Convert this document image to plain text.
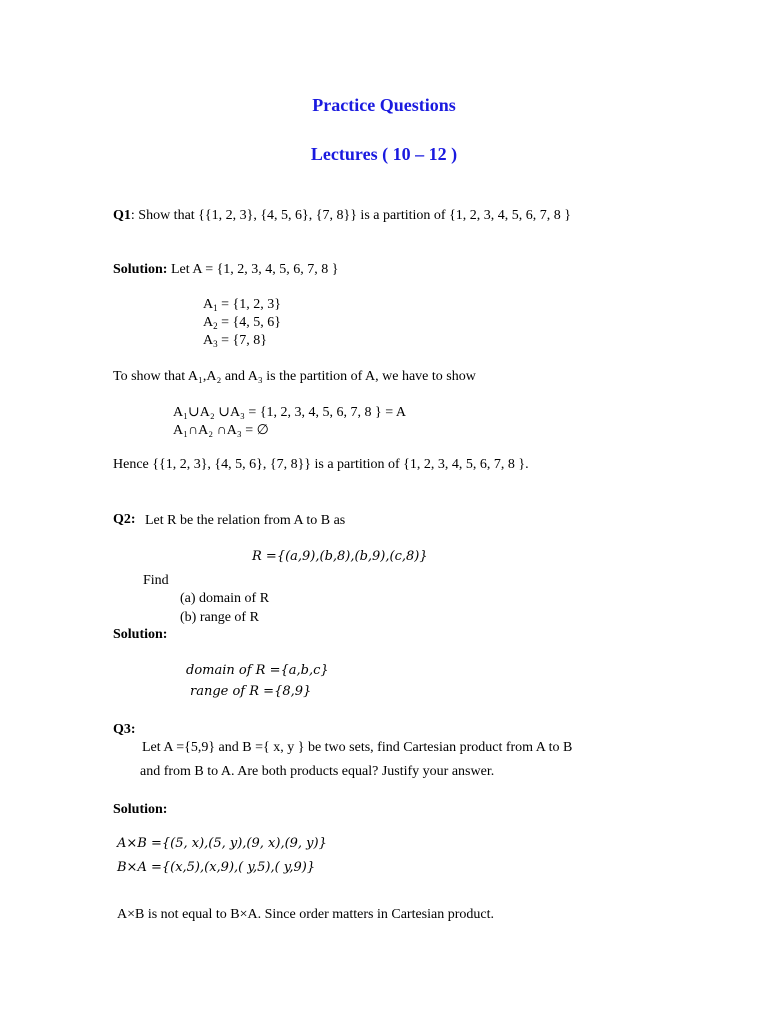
Practice Questions
Lectures ( 10 – 12 )
Q1: Show that {{1, 2, 3}, {4, 5, 6}, {7, 8}} is a partition of {1, 2, 3, 4, 5, 6, 7, 8 }
Solution: Let A = {1, 2, 3, 4, 5, 6, 7, 8 }
$A_1 = \{1$, 2, 3}
$A_2 = \{4$, 5, 6}
$A_3 = \{7$, 8}
To show that A₁,A₂ and A₃ is the partition of A, we have to show
A₁∪A₂ ∪A₃ = {1, 2, 3, 4, 5, 6, 7, 8 } = A
A₁∩A₂ ∩A₃ = ∅
Hence {{1, 2, 3}, {4, 5, 6}, {7, 8}} is a partition of {1, 2, 3, 4, 5, 6, 7, 8 }.
Q2: Let R be the relation from A to B as
R ={(a,9),(b,8),(b,9),(c,8)}
Find
(a) domain of R
(b) range of R
Solution:
domain of R ={a,b,c}
range of R ={8,9}
Q3:
Let A ={5,9} and B ={ x, y } be two sets, find Cartesian product from A to B
and from B to A. Are both products equal? Justify your answer.
Solution:
A×B ={(5, x),(5, y),(9, x),(9, y)}
B×A ={(x,5),(x,9),( y,5),( y,9)}
A×B is not equal to B×A. Since order matters in Cartesian product.
